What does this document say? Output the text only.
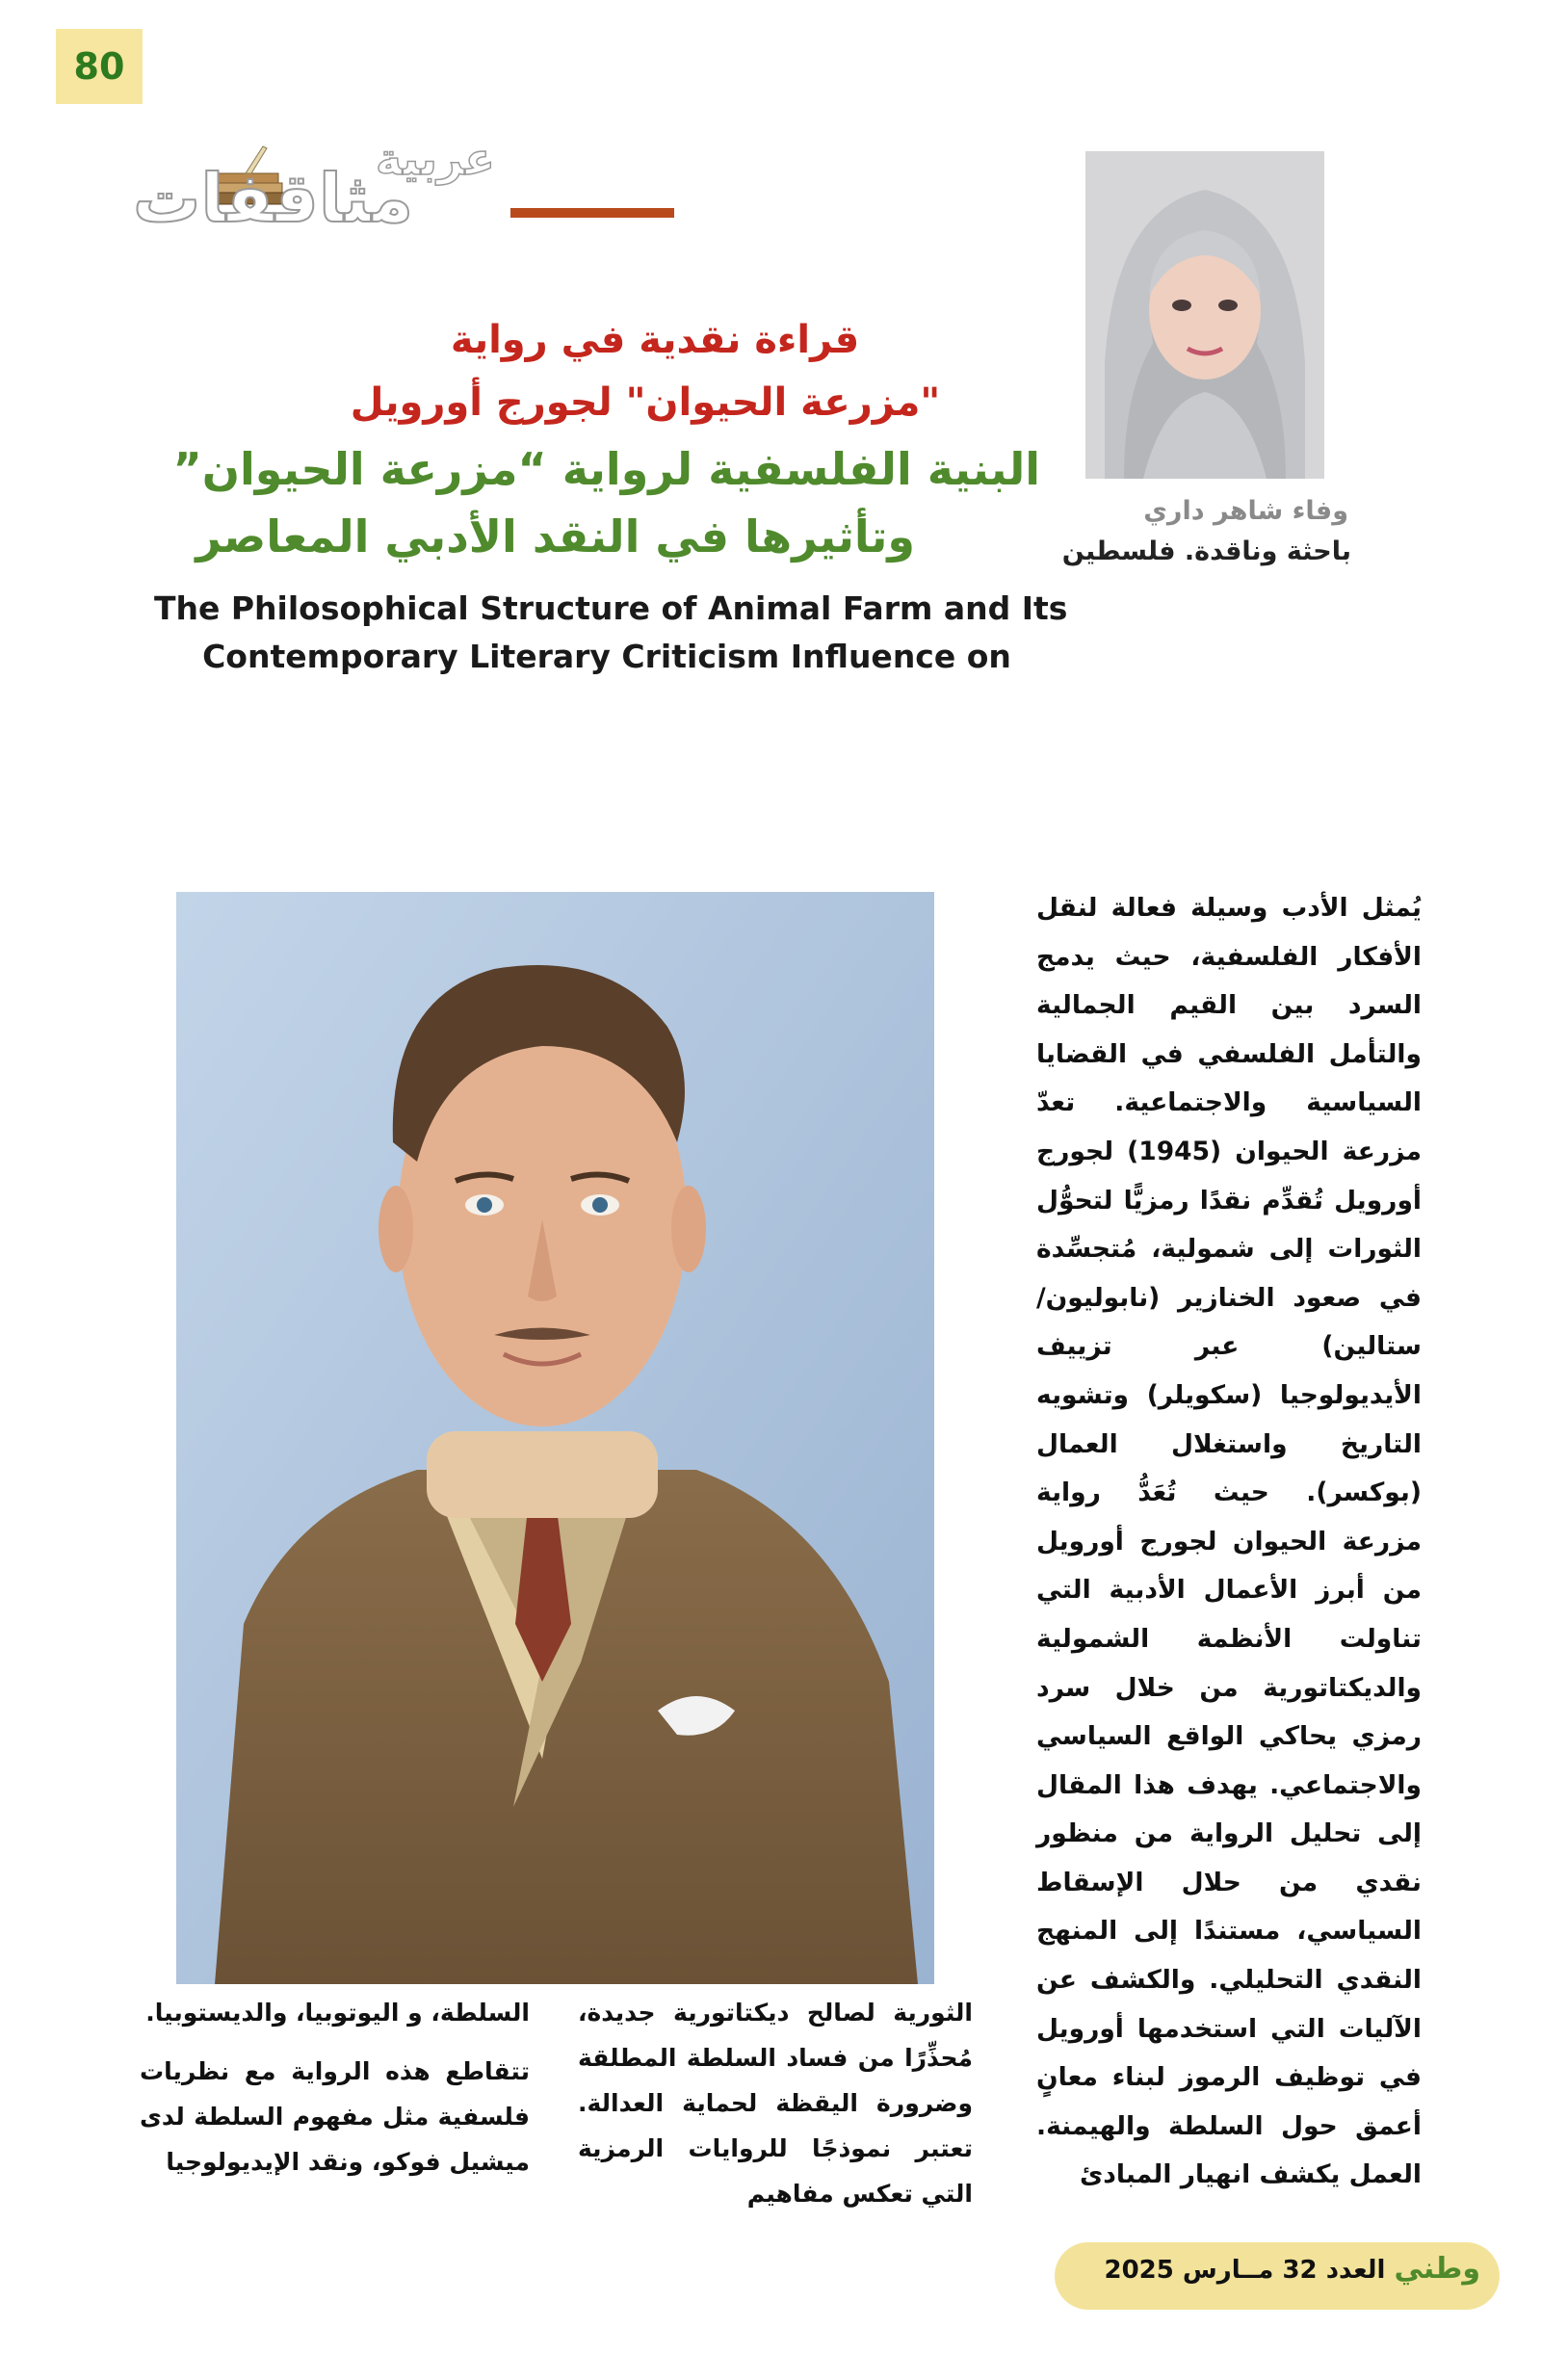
80
عربية
مثاقفات
وفاء شاهر داري
باحثة وناقدة. فلسطين
قراءة نقدية في رواية
"مزرعة الحيوان" لجورج أورويل
البنية الفلسفية لرواية “مزرعة الحيوان”
وتأثيرها في النقد الأدبي المعاصر
The Philosophical Structure of Animal Farm and Its
Contemporary Literary Criticism Influence on
يُمثل الأدب وسيلة فعالة لنقل الأفكار الفلسفية، حيث يدمج السرد بين القيم الجمالية والتأمل الفلسفي في القضايا السياسية والاجتماعية. تعدّ مزرعة الحيوان (1945) لجورج أورويل تُقدِّم نقدًا رمزيًّا لتحوُّل الثورات إلى شمولية، مُتجسِّدة في صعود الخنازير (نابوليون/ستالين) عبر تزييف الأيديولوجيا (سكويلر) وتشويه التاريخ واستغلال العمال (بوكسر). حيث تُعَدُّ رواية مزرعة الحيوان لجورج أورويل من أبرز الأعمال الأدبية التي تناولت الأنظمة الشمولية والديكتاتورية من خلال سرد رمزي يحاكي الواقع السياسي والاجتماعي. يهدف هذا المقال إلى تحليل الرواية من منظور نقدي من حلال الإسقاط السياسي، مستندًا إلى المنهج النقدي التحليلي. والكشف عن الآليات التي استخدمها أورويل في توظيف الرموز لبناء معانٍ أعمق حول السلطة والهيمنة. العمل يكشف انهيار المبادئ
الثورية لصالح ديكتاتورية جديدة، مُحذِّرًا من فساد السلطة المطلقة وضرورة اليقظة لحماية العدالة. تعتبر نموذجًا للروايات الرمزية التي تعكس مفاهيم
السلطة، و اليوتوبيا، والديستوبيا.
تتقاطع هذه الرواية مع نظريات فلسفية مثل مفهوم السلطة لدى ميشيل فوكو، ونقد الإيديولوجيا
وطني العدد 32 مــارس 2025
